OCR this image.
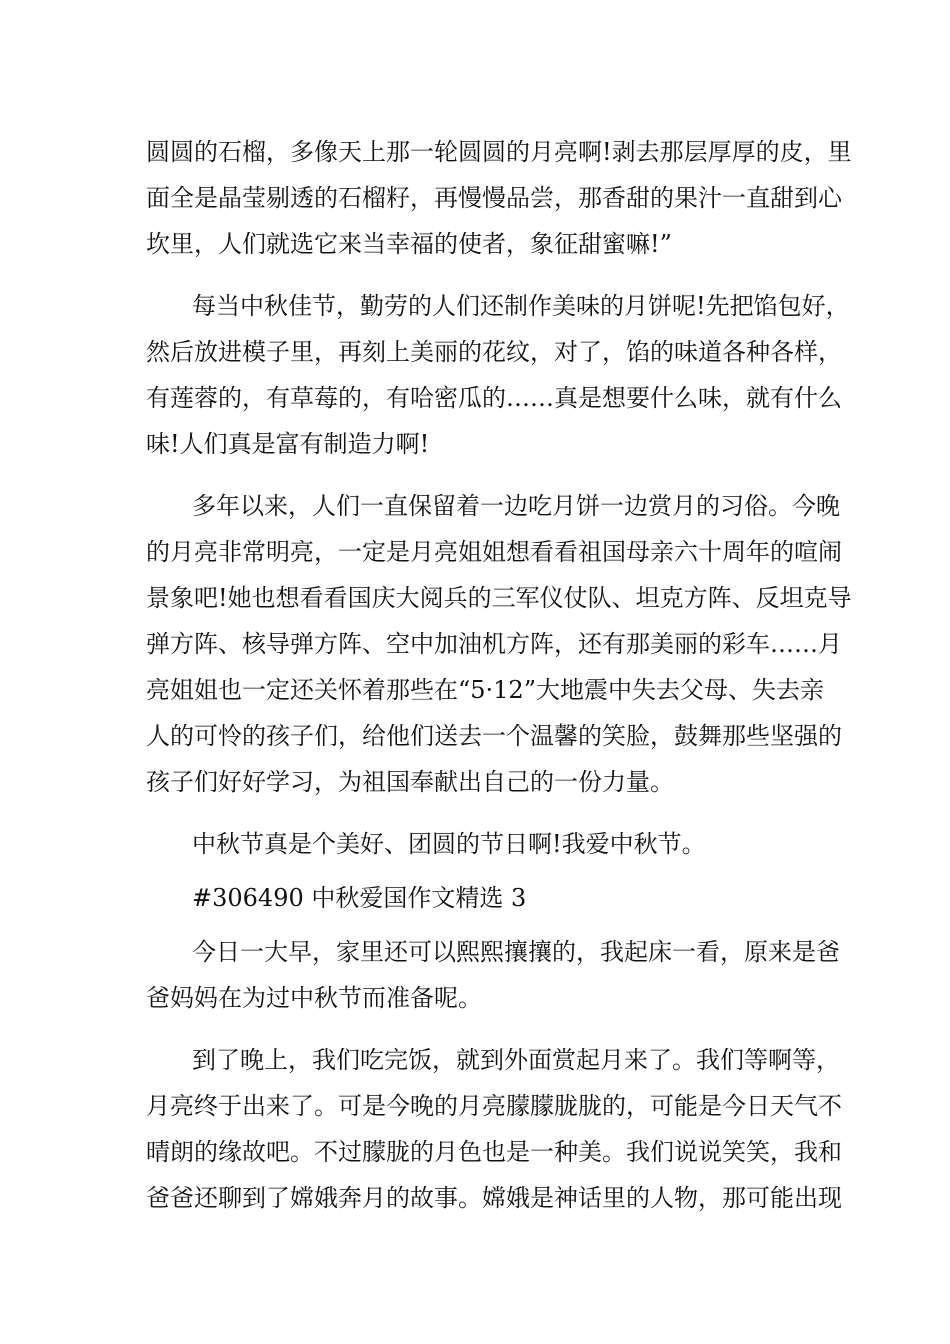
圆圆的石榴，多像天上那一轮圆圆的月亮啊!剥去那层厚厚的皮，里
面全是晶莹剔透的石榴籽，再慢慢品尝，那香甜的果汁一直甜到心
坎里，人们就选它来当幸福的使者，象征甜蜜嘛!”
每当中秋佳节，勤劳的人们还制作美味的月饼呢!先把馅包好，
然后放进模子里，再刻上美丽的花纹，对了，馅的味道各种各样，
有莲蓉的，有草莓的，有哈密瓜的……真是想要什么味，就有什么
味!人们真是富有制造力啊!
多年以来，人们一直保留着一边吃月饼一边赏月的习俗。今晚
的月亮非常明亮，一定是月亮姐姐想看看祖国母亲六十周年的喧闹
景象吧!她也想看看国庆大阅兵的三军仪仗队、坦克方阵、反坦克导
弹方阵、核导弹方阵、空中加油机方阵，还有那美丽的彩车……月
亮姐姐也一定还关怀着那些在“5·12”大地震中失去父母、失去亲
人的可怜的孩子们，给他们送去一个温馨的笑脸，鼓舞那些坚强的
孩子们好好学习，为祖国奉献出自己的一份力量。
中秋节真是个美好、团圆的节日啊!我爱中秋节。
#306490 中秋爱国作文精选 3
今日一大早，家里还可以熙熙攘攘的，我起床一看，原来是爸
爸妈妈在为过中秋节而准备呢。
到了晚上，我们吃完饭，就到外面赏起月来了。我们等啊等，
月亮终于出来了。可是今晚的月亮朦朦胧胧的，可能是今日天气不
晴朗的缘故吧。不过朦胧的月色也是一种美。我们说说笑笑，我和
爸爸还聊到了嫦娥奔月的故事。嫦娥是神话里的人物，那可能出现
